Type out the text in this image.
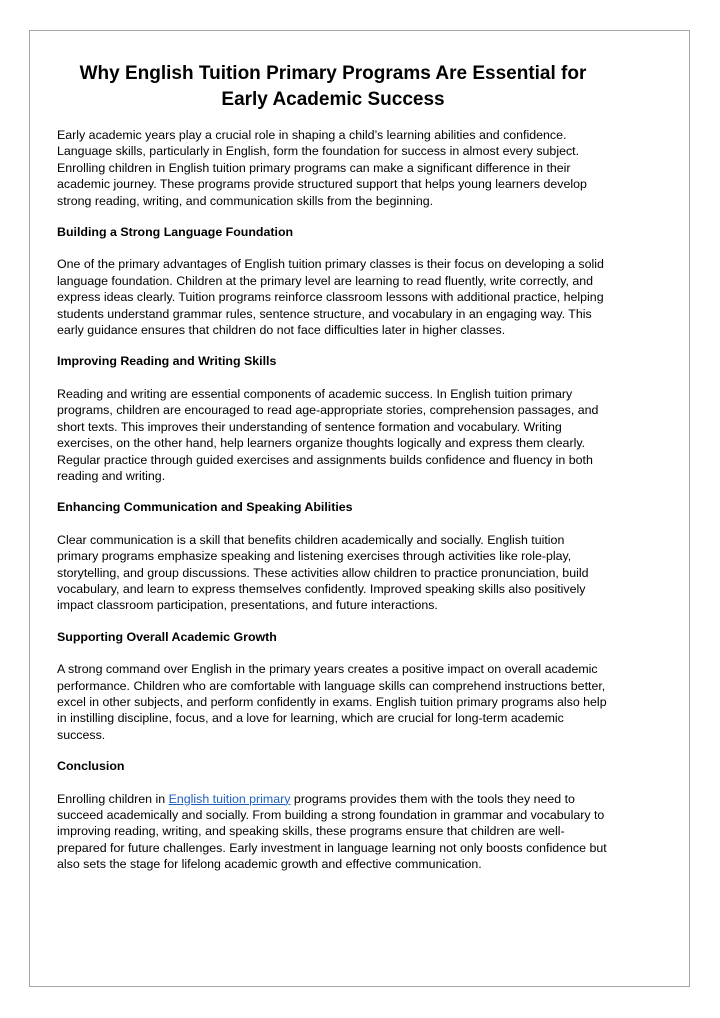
Why English Tuition Primary Programs Are Essential for Early Academic Success

Early academic years play a crucial role in shaping a child’s learning abilities and confidence. Language skills, particularly in English, form the foundation for success in almost every subject. Enrolling children in English tuition primary programs can make a significant difference in their academic journey. These programs provide structured support that helps young learners develop strong reading, writing, and communication skills from the beginning.

Building a Strong Language Foundation

One of the primary advantages of English tuition primary classes is their focus on developing a solid language foundation. Children at the primary level are learning to read fluently, write correctly, and express ideas clearly. Tuition programs reinforce classroom lessons with additional practice, helping students understand grammar rules, sentence structure, and vocabulary in an engaging way. This early guidance ensures that children do not face difficulties later in higher classes.

Improving Reading and Writing Skills

Reading and writing are essential components of academic success. In English tuition primary programs, children are encouraged to read age-appropriate stories, comprehension passages, and short texts. This improves their understanding of sentence formation and vocabulary. Writing exercises, on the other hand, help learners organize thoughts logically and express them clearly. Regular practice through guided exercises and assignments builds confidence and fluency in both reading and writing.

Enhancing Communication and Speaking Abilities

Clear communication is a skill that benefits children academically and socially. English tuition primary programs emphasize speaking and listening exercises through activities like role-play, storytelling, and group discussions. These activities allow children to practice pronunciation, build vocabulary, and learn to express themselves confidently. Improved speaking skills also positively impact classroom participation, presentations, and future interactions.

Supporting Overall Academic Growth

A strong command over English in the primary years creates a positive impact on overall academic performance. Children who are comfortable with language skills can comprehend instructions better, excel in other subjects, and perform confidently in exams. English tuition primary programs also help in instilling discipline, focus, and a love for learning, which are crucial for long-term academic success.

Conclusion

Enrolling children in English tuition primary programs provides them with the tools they need to succeed academically and socially. From building a strong foundation in grammar and vocabulary to improving reading, writing, and speaking skills, these programs ensure that children are well-prepared for future challenges. Early investment in language learning not only boosts confidence but also sets the stage for lifelong academic growth and effective communication.
